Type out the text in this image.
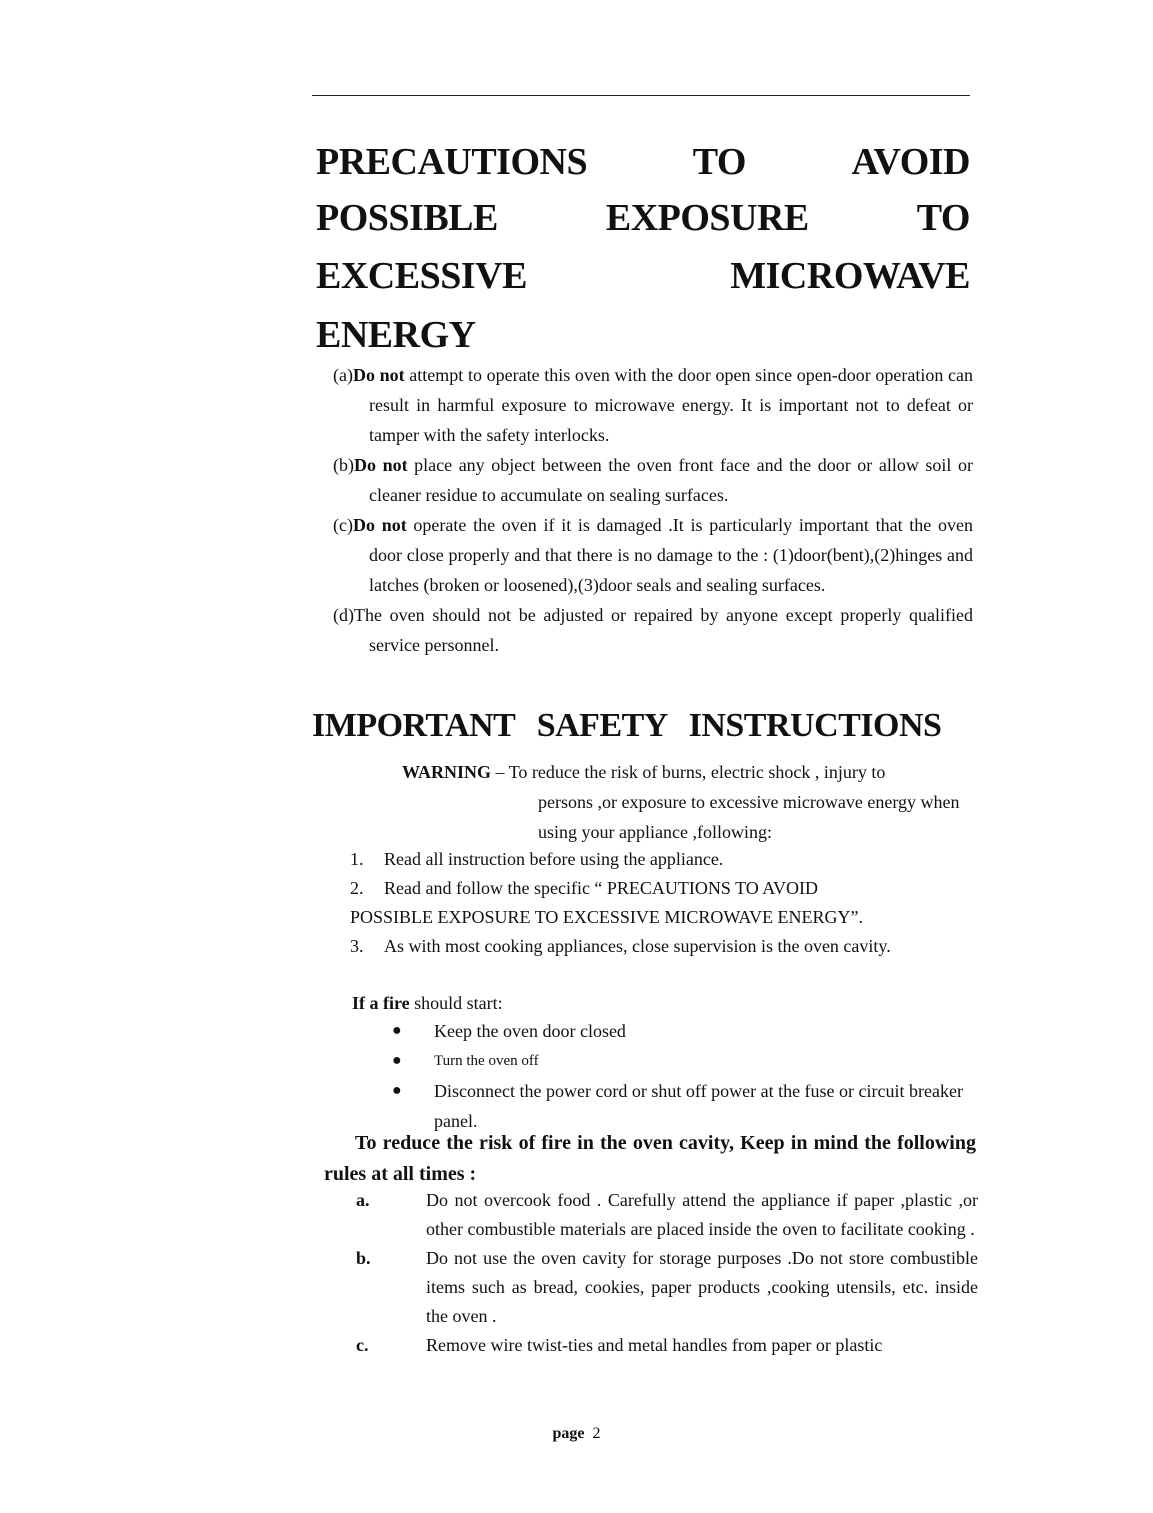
PRECAUTIONS	TO	AVOID
POSSIBLE	EXPOSURE	TO
EXCESSIVE	MICROWAVE
ENERGY
(a)Do not attempt to operate this oven with the door open since open-door operation can result in harmful exposure to microwave energy. It is important not to defeat or tamper with the safety interlocks.
(b)Do not place any object between the oven front face and the door or allow soil or cleaner residue to accumulate on sealing surfaces.
(c)Do not operate the oven if it is damaged .It is particularly important that the oven door close properly and that there is no damage to the : (1)door(bent),(2)hinges and latches (broken or loosened),(3)door seals and sealing surfaces.
(d)The oven should not be adjusted or repaired by anyone except properly qualified service personnel.
IMPORTANT SAFETY INSTRUCTIONS
WARNING – To reduce the risk of burns, electric shock , injury to
persons ,or exposure to excessive microwave energy when using your appliance ,following:
1.	Read all instruction before using the appliance.
2.	Read and follow the specific “ PRECAUTIONS TO AVOID
POSSIBLE EXPOSURE TO EXCESSIVE MICROWAVE ENERGY”.
3.	As with most cooking appliances, close supervision is the oven cavity.
If a fire should start:
●	Keep the oven door closed
●	Turn the oven off
●	Disconnect the power cord or shut off power at the fuse or circuit breaker panel.
To reduce the risk of fire in the oven cavity, Keep in mind the following rules at all times :
a.	Do not overcook food . Carefully attend the appliance if paper ,plastic ,or other combustible materials are placed inside the oven to facilitate cooking .
b.	Do not use the oven cavity for storage purposes .Do not store combustible items such as bread, cookies, paper products ,cooking utensils, etc. inside the oven .
c.	Remove wire twist-ties and metal handles from paper or plastic
page 2
